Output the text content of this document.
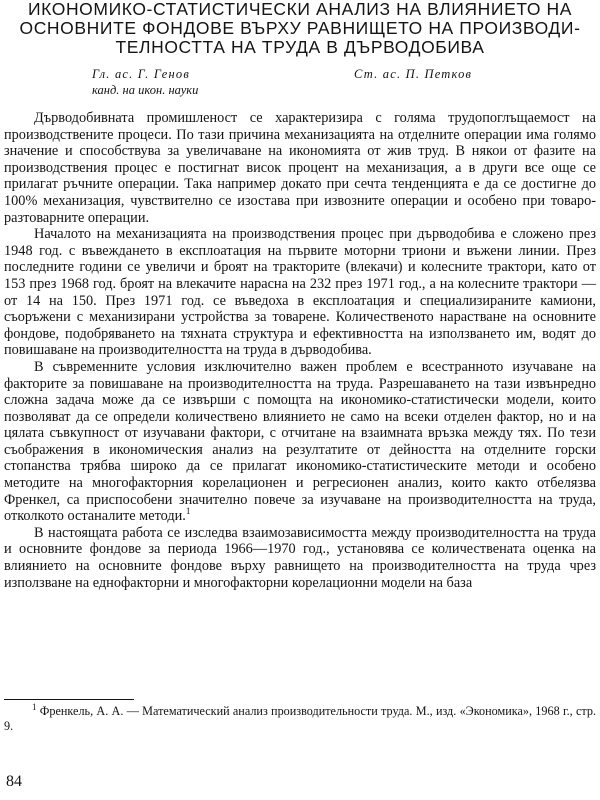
ИКОНОМИКО-СТАТИСТИЧЕСКИ АНАЛИЗ НА ВЛИЯНИЕТО НА
ОСНОВНИТЕ ФОНДОВЕ ВЪРХУ РАВНИЩЕТО НА ПРОИЗВОДИ-
ТЕЛНОСТТА НА ТРУДА В ДЪРВОДОБИВА
Гл. ас. Г. Генов
канд. на икон. науки
Ст. ас. П. Петков

Дърводобивната промишленост се характеризира с голяма трудопоглъщаемост на производствените процеси. По тази причина механизацията на отделните операции има голямо значение и способствува за увеличаване на икономията от жив труд. В някои от фазите на производствения процес е постигнат висок процент на механизация, а в други все още се прилагат ръчните операции. Така например докато при сечта тенденцията е да се достигне до 100% механизация, чувствително се изостава при извозните операции и особено при товаро-разтоварните операции.

Началото на механизацията на производствения процес при дърводобива е сложено през 1948 год. с въвеждането в експлоатация на първите моторни триони и въжени линии. През последните години се увеличи и броят на тракторите (влекачи) и колесните трактори, като от 153 през 1968 год. броят на влекачите нарасна на 232 през 1971 год., а на колесните трактори — от 14 на 150. През 1971 год. се въведоха в експлоатация и специализираните камиони, съоръжени с механизирани устройства за товарене. Количественото нарастване на основните фондове, подобряването на тяхната структура и ефективността на използването им, водят до повишаване на производителността на труда в дърводобива.

В съвременните условия изключително важен проблем е всестранното изучаване на факторите за повишаване на производителността на труда. Разрешаването на тази извънредно сложна задача може да се извърши с помощта на икономико-статистически модели, които позволяват да се определи количествено влиянието не само на всеки отделен фактор, но и на цялата съвкупност от изучавани фактори, с отчитане на взаимната връзка между тях. По тези съображения в икономическия анализ на резултатите от дейността на отделните горски стопанства трябва широко да се прилагат икономико-статистическите методи и особено методите на многофакторния корелационен и регресионен анализ, които както отбелязва Френкел, са приспособени значително повече за изучаване на производителността на труда, отколкото останалите методи.$^1$

В настоящата работа се изследва взаимозависимостта между производителността на труда и основните фондове за периода 1966—1970 год., установява се количествената оценка на влиянието на основните фондове върху равнището на производителността на труда чрез използване на еднофакторни и многофакторни корелационни модели на база

$^1$ Френкель, А. А. — Математический анализ производительности труда. М., изд. «Экономика», 1968 г., стр. 9.

84
